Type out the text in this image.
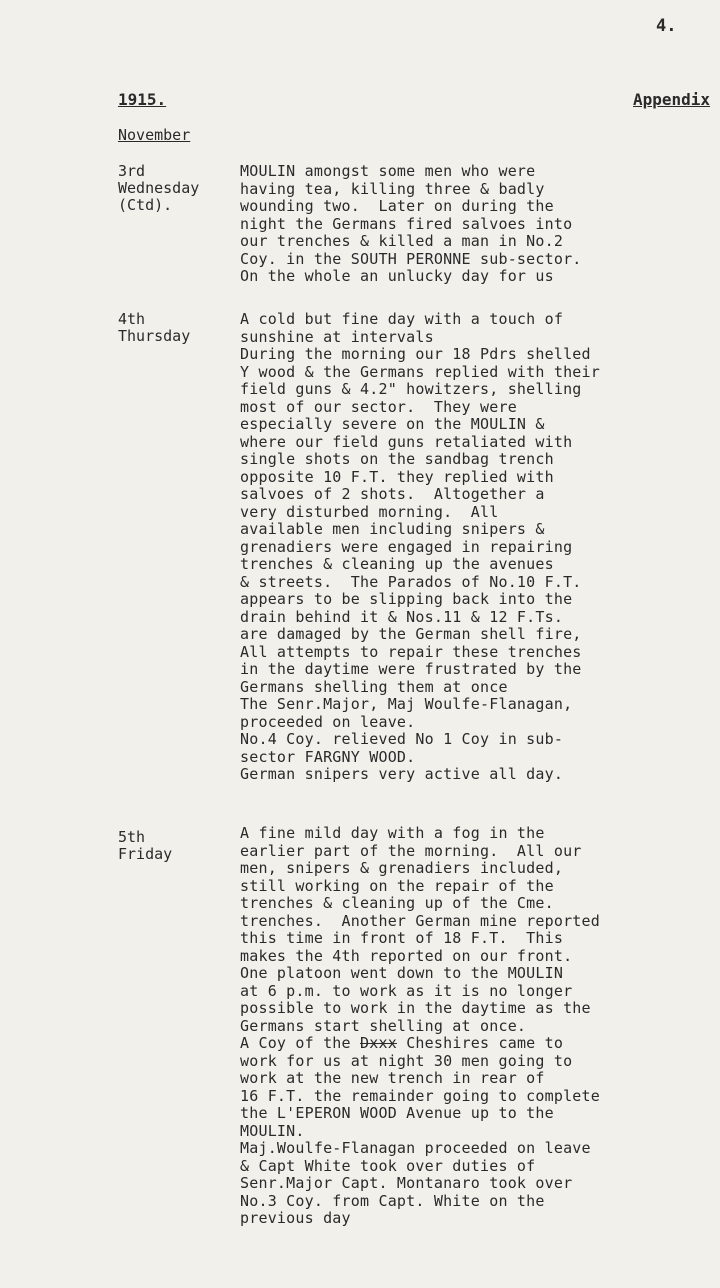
4.
1915.	Appendix
November
3rd
Wednesday
(Ctd).
MOULIN amongst some men who were
having tea, killing three & badly
wounding two.  Later on during the
night the Germans fired salvoes into
our trenches & killed a man in No.2
Coy. in the SOUTH PERONNE sub-sector.
On the whole an unlucky day for us
4th
Thursday
A cold but fine day with a touch of
sunshine at intervals
During the morning our 18 Pdrs shelled
Y wood & the Germans replied with their
field guns & 4.2" howitzers, shelling
most of our sector.  They were
especially severe on the MOULIN &
where our field guns retaliated with
single shots on the sandbag trench
opposite 10 F.T. they replied with
salvoes of 2 shots.  Altogether a
very disturbed morning.  All
available men including snipers &
grenadiers were engaged in repairing
trenches & cleaning up the avenues
& streets.  The Parados of No.10 F.T.
appears to be slipping back into the
drain behind it & Nos.11 & 12 F.Ts.
are damaged by the German shell fire,
All attempts to repair these trenches
in the daytime were frustrated by the
Germans shelling them at once
The Senr.Major, Maj Woulfe-Flanagan,
proceeded on leave.
No.4 Coy. relieved No 1 Coy in sub-
sector FARGNY WOOD.
German snipers very active all day.
5th
Friday
A fine mild day with a fog in the
earlier part of the morning.  All our
men, snipers & grenadiers included,
still working on the repair of the
trenches & cleaning up of the Cme.
trenches.  Another German mine reported
this time in front of 18 F.T.  This
makes the 4th reported on our front.
One platoon went down to the MOULIN
at 6 p.m. to work as it is no longer
possible to work in the daytime as the
Germans start shelling at once.
A Coy of the Dxxx Cheshires came to
work for us at night 30 men going to
work at the new trench in rear of
16 F.T. the remainder going to complete
the L'EPERON WOOD Avenue up to the
MOULIN.
Maj.Woulfe-Flanagan proceeded on leave
& Capt White took over duties of
Senr.Major Capt. Montanaro took over
No.3 Coy. from Capt. White on the
previous day
